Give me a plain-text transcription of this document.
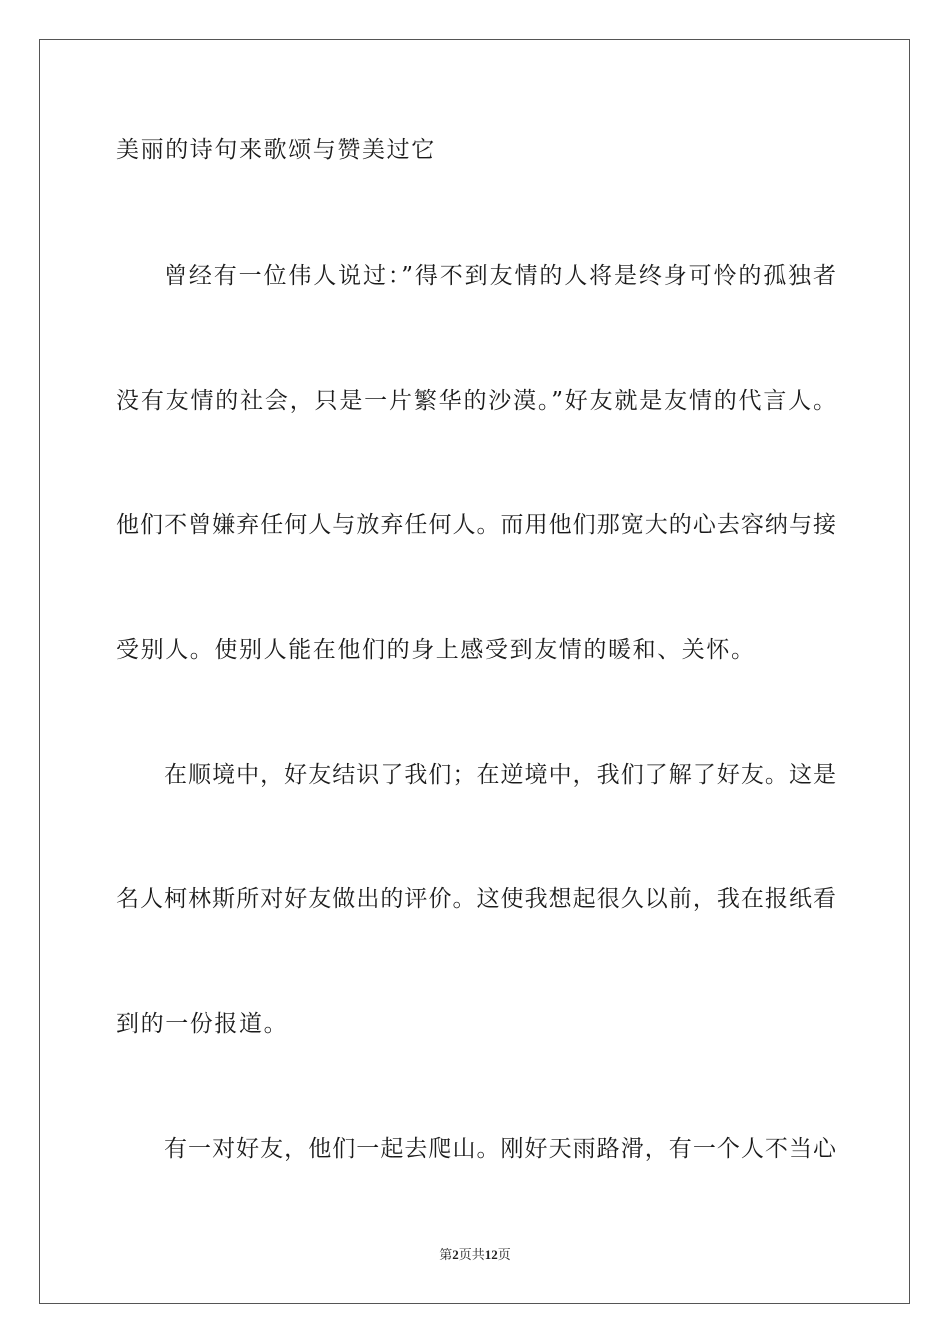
美丽的诗句来歌颂与赞美过它
曾经有一位伟人说过：”得不到友情的人将是终身可怜的孤独者
没有友情的社会，只是一片繁华的沙漠。”好友就是友情的代言人。
他们不曾嫌弃任何人与放弃任何人。而用他们那宽大的心去容纳与接
受别人。使别人能在他们的身上感受到友情的暖和、关怀。
在顺境中，好友结识了我们；在逆境中，我们了解了好友。这是
名人柯林斯所对好友做出的评价。这使我想起很久以前，我在报纸看
到的一份报道。
有一对好友，他们一起去爬山。刚好天雨路滑，有一个人不当心
第2页共12页
